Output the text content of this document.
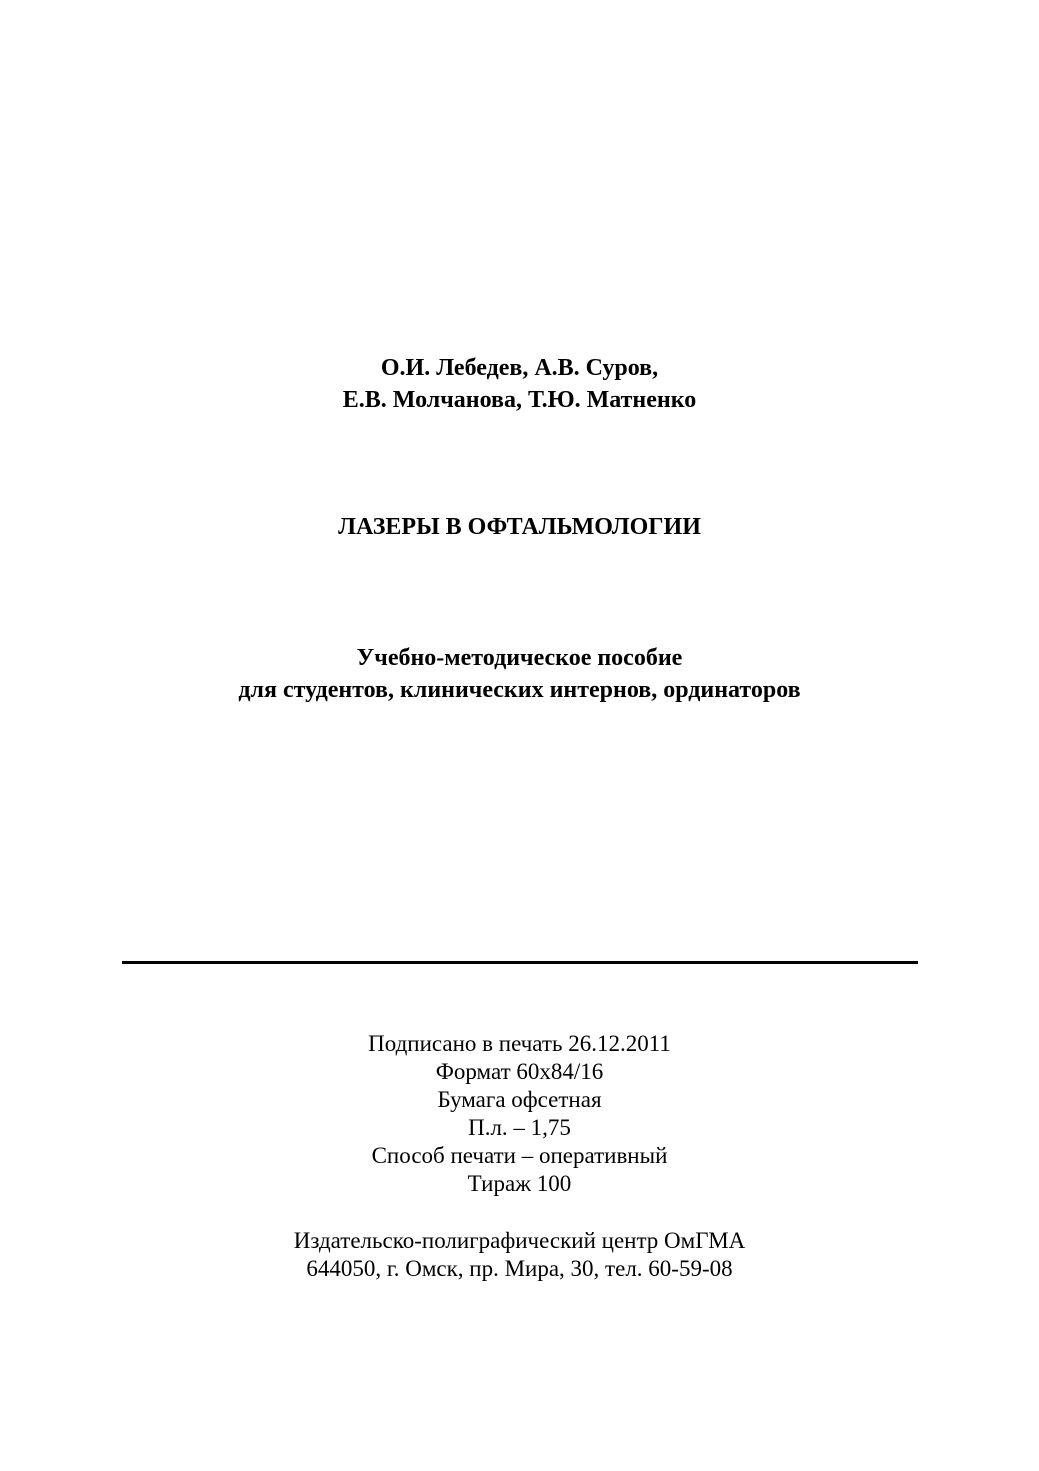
О.И. Лебедев, А.В. Суров,
Е.В. Молчанова, Т.Ю. Матненко
ЛАЗЕРЫ В ОФТАЛЬМОЛОГИИ
Учебно-методическое пособие
для студентов, клинических интернов, ординаторов
Подписано в печать 26.12.2011
Формат 60х84/16
Бумага офсетная
П.л. – 1,75
Способ печати – оперативный
Тираж 100
Издательско-полиграфический центр ОмГМА
644050, г. Омск, пр. Мира, 30, тел. 60-59-08
